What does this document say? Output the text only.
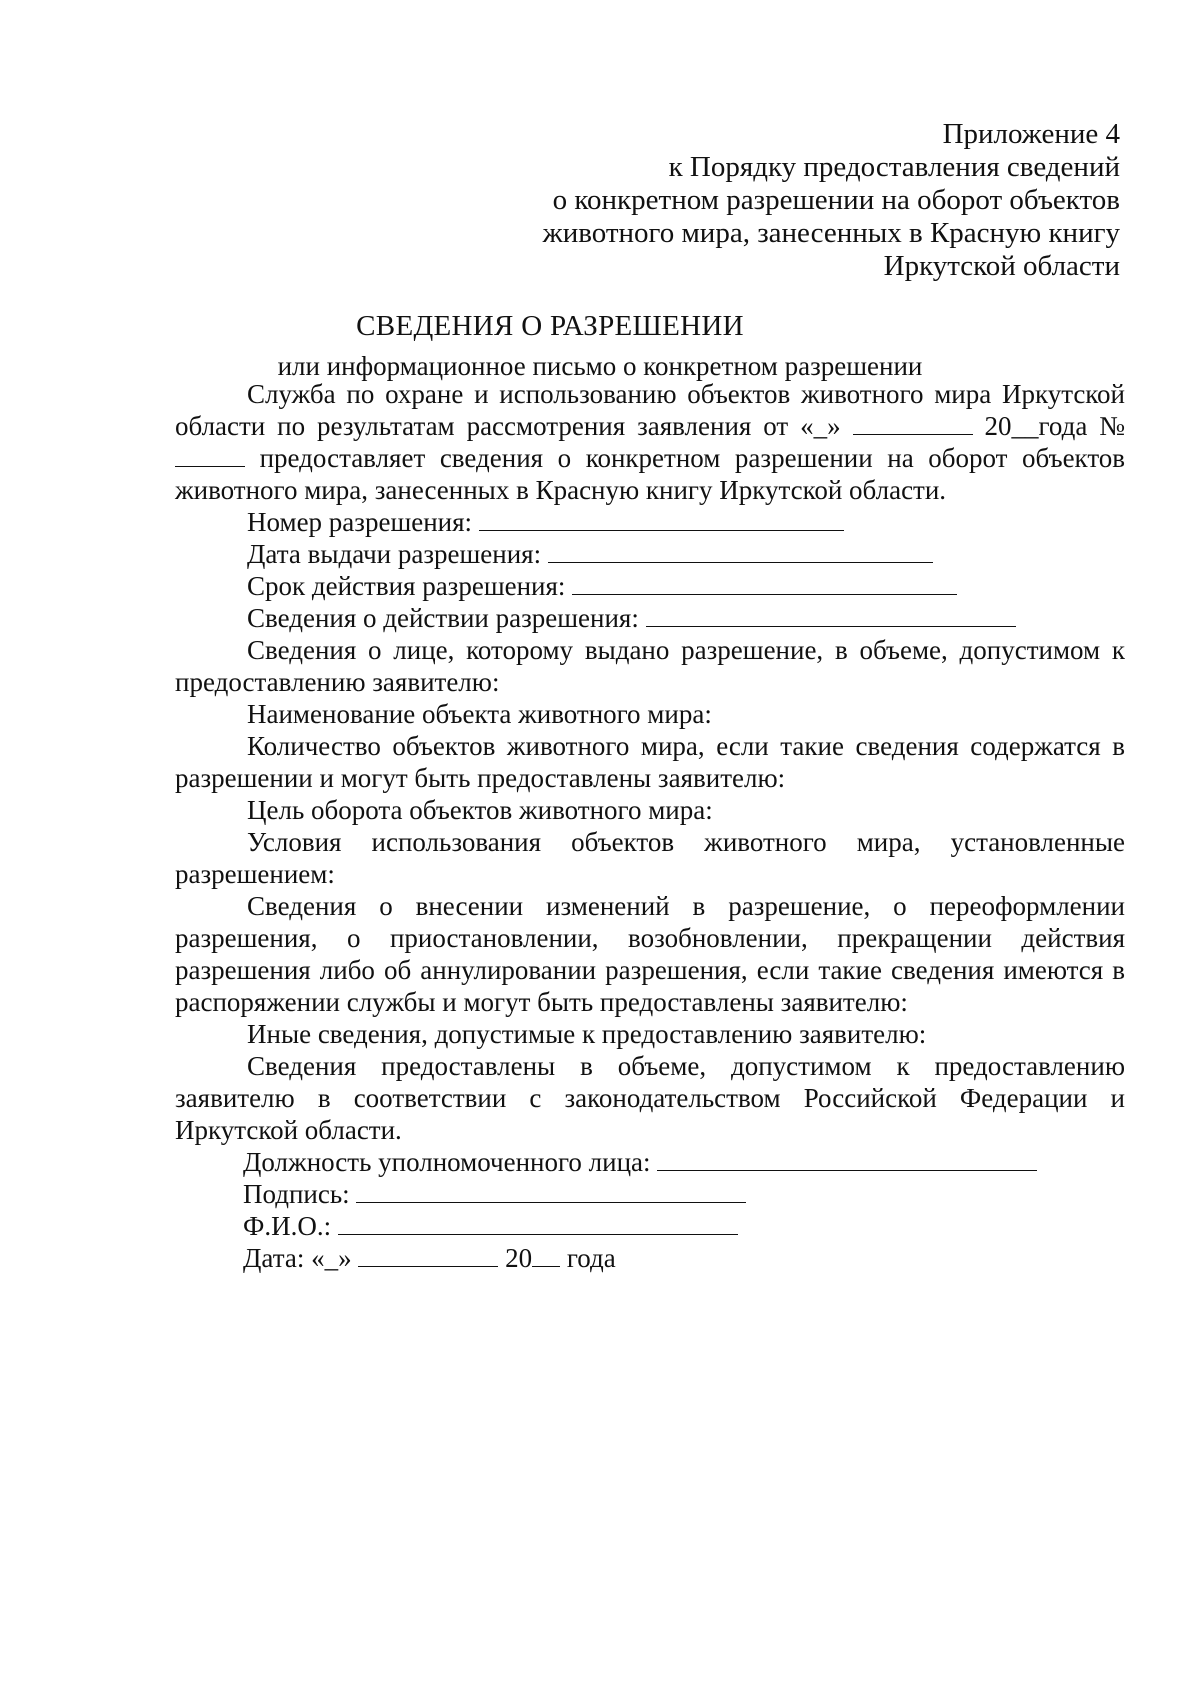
Приложение 4
к Порядку предоставления сведений
о конкретном разрешении на оборот объектов
животного мира, занесенных в Красную книгу
Иркутской области
СВЕДЕНИЯ О РАЗРЕШЕНИИ
или информационное письмо о конкретном разрешении

Служба по охране и использованию объектов животного мира Иркутской области по результатам рассмотрения заявления от «_»	20__года №  предоставляет сведения о конкретном разрешении на оборот объектов животного мира, занесенных в Красную книгу Иркутской области.

Номер разрешения:

Дата выдачи разрешения:

Срок действия разрешения:

Сведения о действии разрешения:

Сведения о лице, которому выдано разрешение, в объеме, допустимом к предоставлению заявителю:

Наименование объекта животного мира:

Количество объектов животного мира, если такие сведения содержатся в разрешении и могут быть предоставлены заявителю:

Цель оборота объектов животного мира:

Условия использования объектов животного мира, установленные разрешением:

Сведения о внесении изменений в разрешение, о переоформлении разрешения, о приостановлении, возобновлении, прекращении действия разрешения либо об аннулировании разрешения, если такие сведения имеются в распоряжении службы и могут быть предоставлены заявителю:

Иные сведения, допустимые к предоставлению заявителю:

Сведения предоставлены в объеме, допустимом к предоставлению заявителю в соответствии с законодательством Российской Федерации и Иркутской области.

Должность уполномоченного лица:

Подпись:

Ф.И.О.:

Дата: «_»	20 года
